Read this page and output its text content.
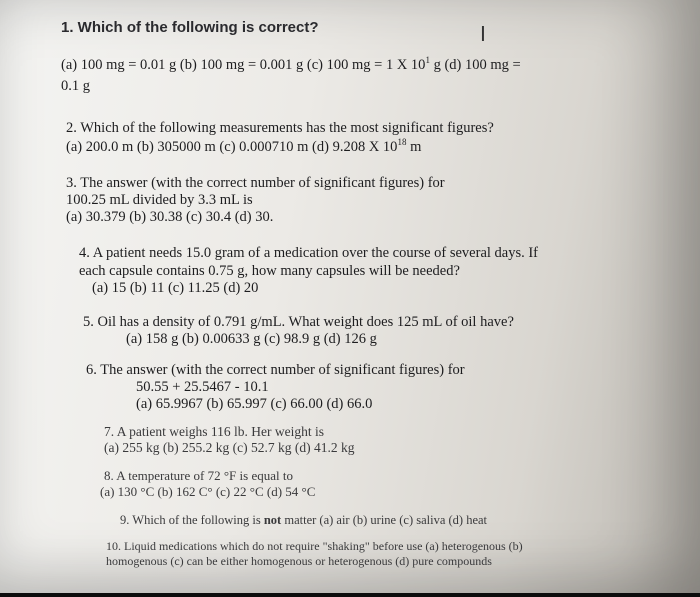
1. Which of the following is correct?	I
(a) 100 mg = 0.01 g (b) 100 mg = 0.001 g (c) 100 mg = 1 X $10^1$ g (d) 100 mg =
0.1 g
2. Which of the following measurements has the most significant figures?
(a) 200.0 m (b) 305000 m (c) 0.000710 m (d) 9.208 X $10^{18}$ m
3. The answer (with the correct number of significant figures) for
100.25 mL divided by 3.3 mL is
(a) 30.379 (b) 30.38 (c) 30.4 (d) 30.
4. A patient needs 15.0 gram of a medication over the course of several days. If
each capsule contains 0.75 g, how many capsules will be needed?
(a) 15 (b) 11 (c) 11.25 (d) 20
5. Oil has a density of 0.791 g/mL. What weight does 125 mL of oil have?
(a) 158 g (b) 0.00633 g (c) 98.9 g (d) 126 g
6. The answer (with the correct number of significant figures) for
50.55 + 25.5467 - 10.1
(a) 65.9967 (b) 65.997 (c) 66.00 (d) 66.0
7. A patient weighs 116 lb. Her weight is
(a) 255 kg (b) 255.2 kg (c) 52.7 kg (d) 41.2 kg
8. A temperature of 72 °F is equal to
(a) 130 °C (b) 162 C° (c) 22 °C (d) 54 °C
9. Which of the following is not matter (a) air (b) urine (c) saliva (d) heat
10. Liquid medications which do not require "shaking" before use (a) heterogenous (b)
homogenous (c) can be either homogenous or heterogenous (d) pure compounds
